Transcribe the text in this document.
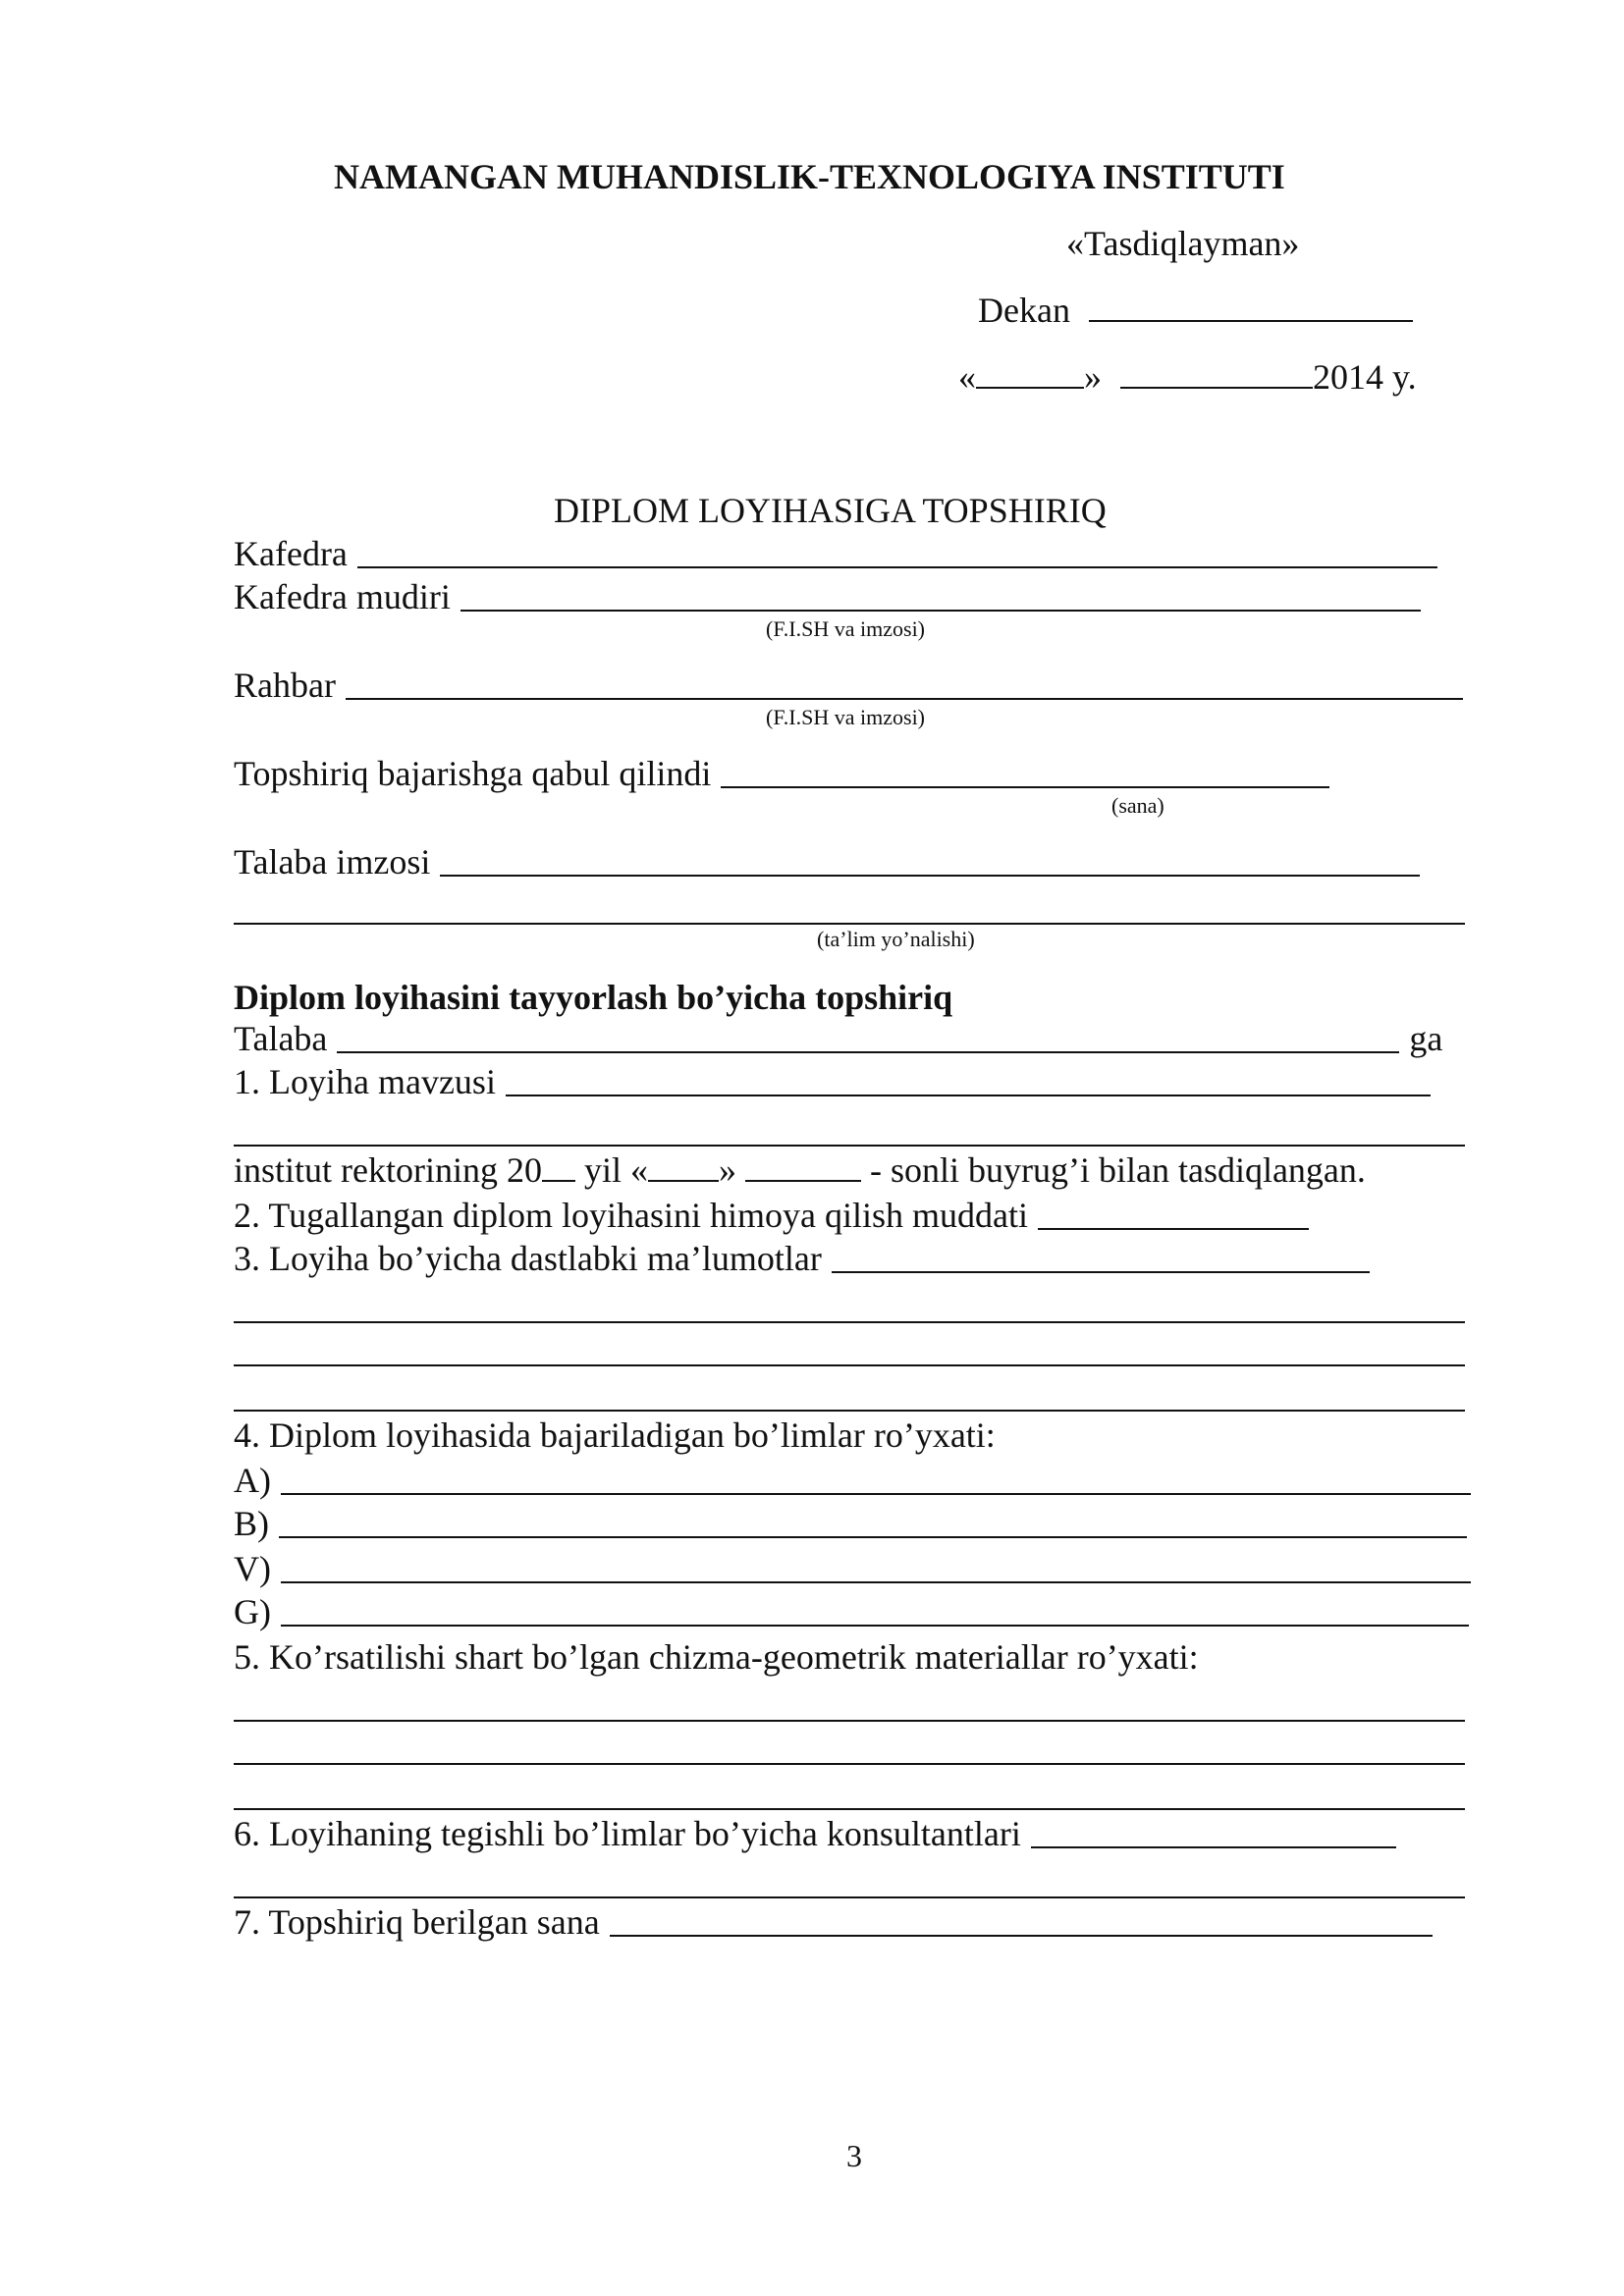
NAMANGAN MUHANDISLIK-TEXNOLOGIYA INSTITUTI
«Tasdiqlayman»
Dekan
«	»	2014 y.
DIPLOM LOYIHASIGA TOPSHIRIQ
Kafedra
Kafedra mudiri
(F.I.SH va imzosi)
Rahbar
(F.I.SH va imzosi)
Topshiriq bajarishga qabul qilindi
(sana)
Talaba imzosi
(ta’lim yo’nalishi)
Diplom loyihasini tayyorlash bo’yicha topshiriq
Talaba	ga
1. Loyiha mavzusi
institut rektorining 20 yil « »	- sonli buyrug’i bilan tasdiqlangan.
2. Tugallangan diplom loyihasini himoya qilish muddati
3. Loyiha bo’yicha dastlabki ma’lumotlar
4. Diplom loyihasida bajariladigan bo’limlar ro’yxati:
A)
B)
V)
G)
5. Ko’rsatilishi shart bo’lgan chizma-geometrik materiallar ro’yxati:
6. Loyihaning tegishli bo’limlar bo’yicha konsultantlari
7. Topshiriq berilgan sana
3
